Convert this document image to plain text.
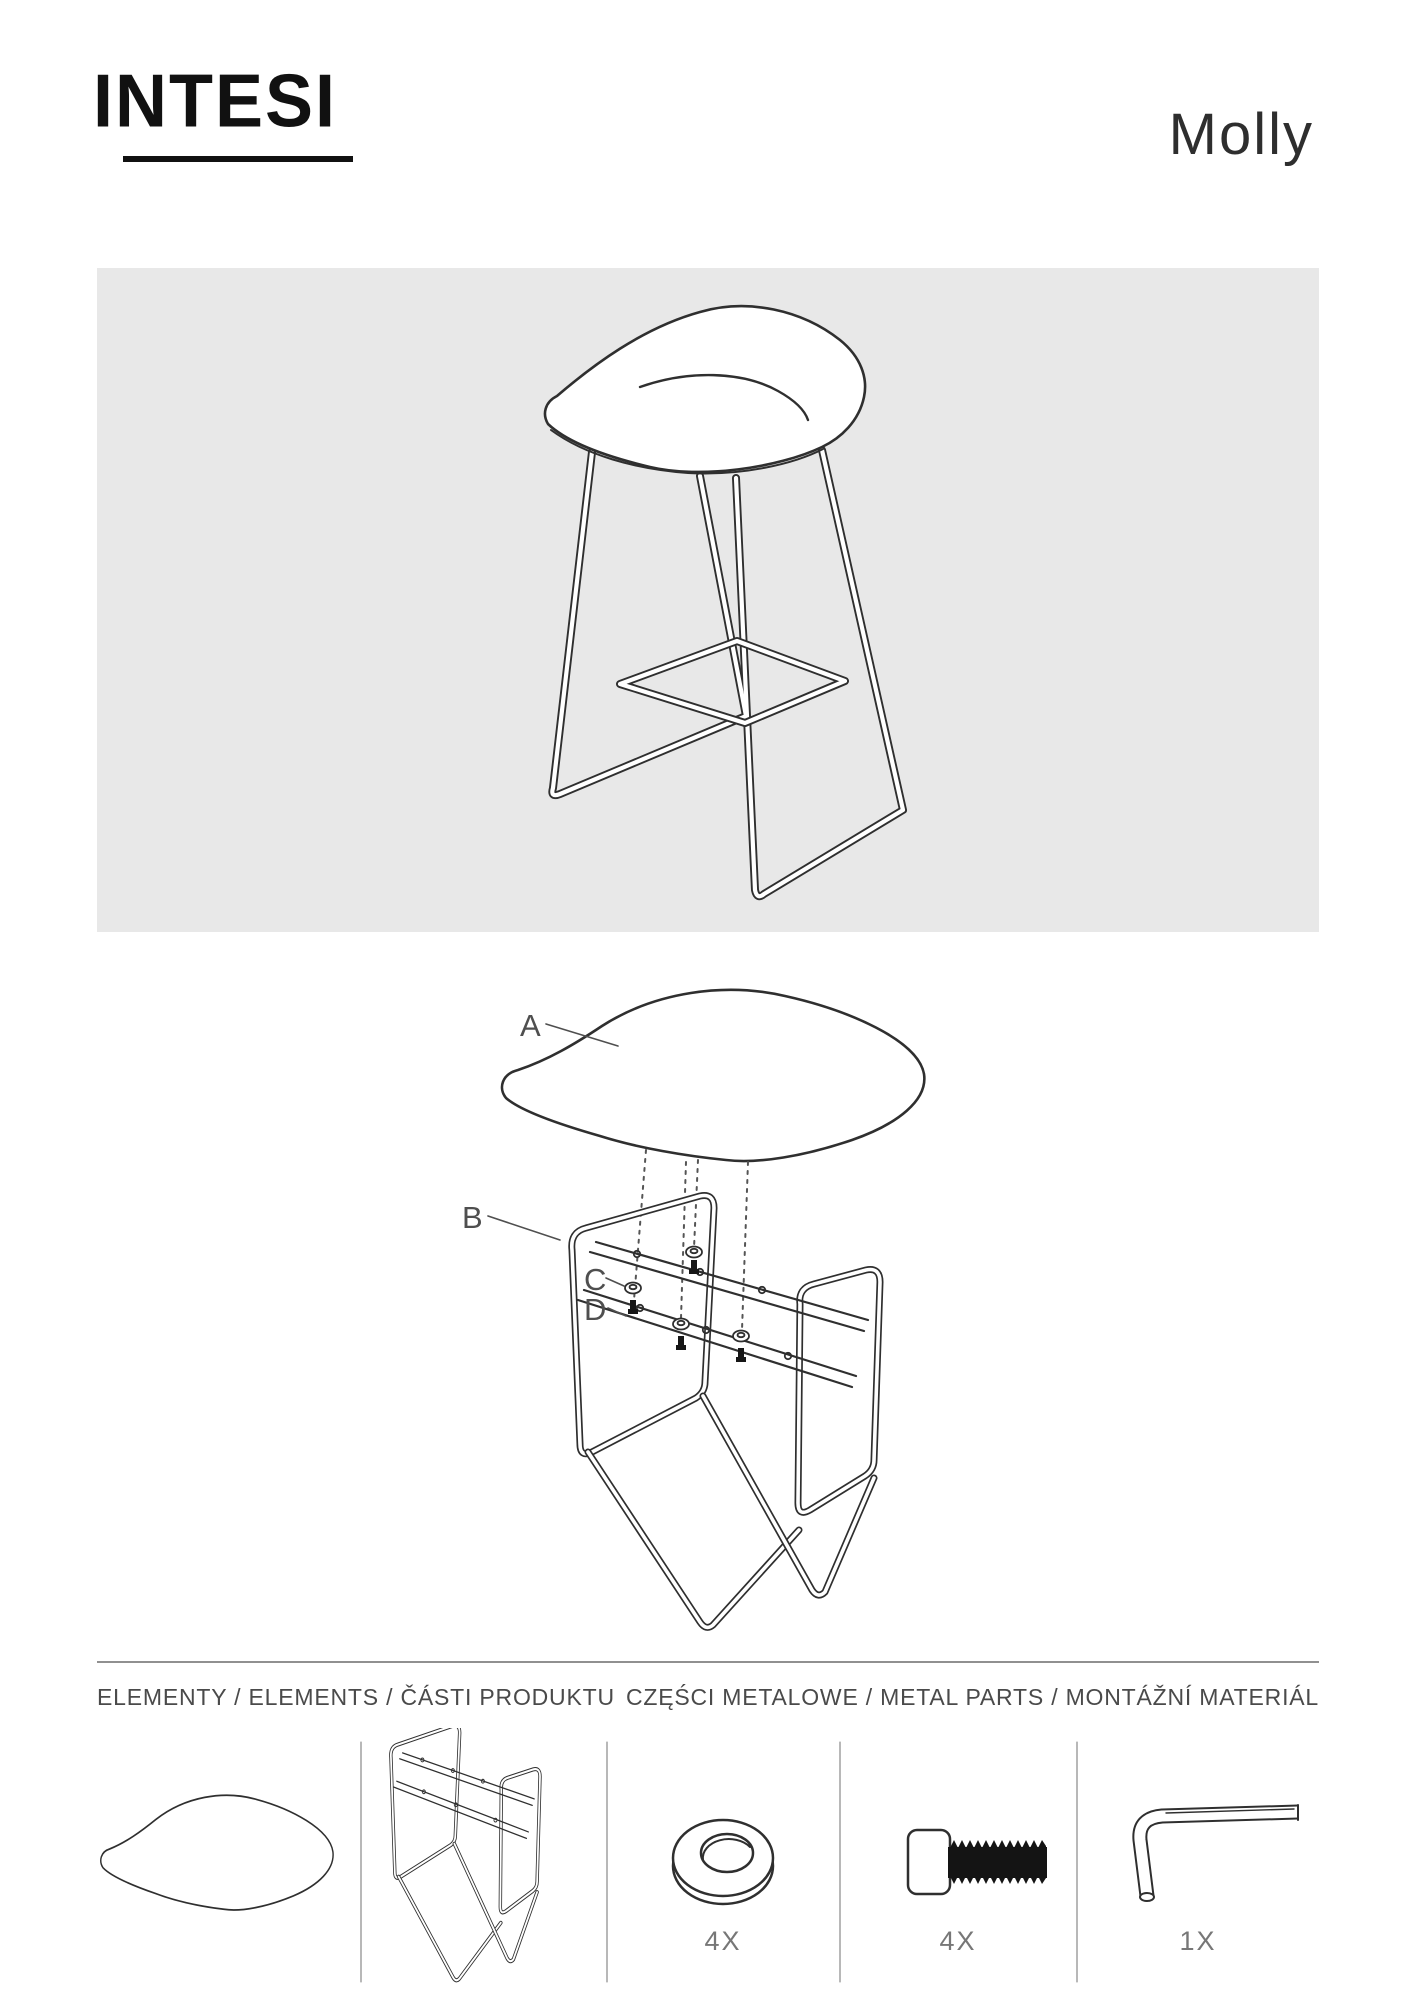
INTESI	Molly
A
B
C
D
ELEMENTY / ELEMENTS / ČÁSTI PRODUKTU CZĘŚCI METALOWE / METAL PARTS / MONTÁŽNÍ MATERIÁL
4X	4X	1X
